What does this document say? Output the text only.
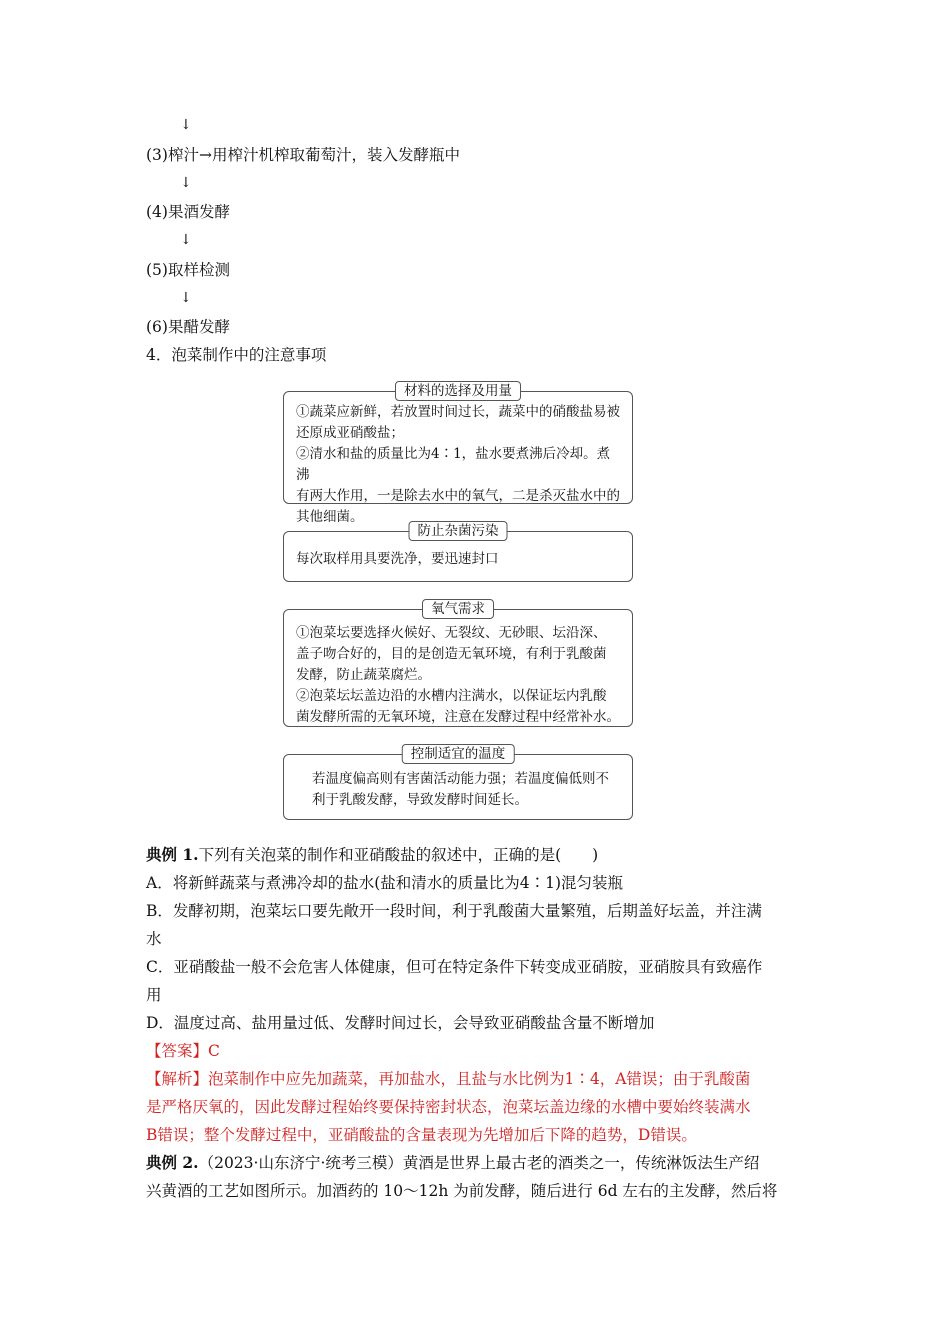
↓
(3)榨汁→用榨汁机榨取葡萄汁，装入发酵瓶中
↓
(4)果酒发酵
↓
(5)取样检测
↓
(6)果醋发酵
4．泡菜制作中的注意事项
材料的选择及用量

①蔬菜应新鲜，若放置时间过长，蔬菜中的硝酸盐易被

还原成亚硝酸盐；

②清水和盐的质量比为4∶1，盐水要煮沸后冷却。煮沸

有两大作用，一是除去水中的氧气，二是杀灭盐水中的

其他细菌。

防止杂菌污染

每次取样用具要洗净，要迅速封口

氧气需求

①泡菜坛要选择火候好、无裂纹、无砂眼、坛沿深、

盖子吻合好的，目的是创造无氧环境，有利于乳酸菌

发酵，防止蔬菜腐烂。

②泡菜坛坛盖边沿的水槽内注满水，以保证坛内乳酸

菌发酵所需的无氧环境，注意在发酵过程中经常补水。

控制适宜的温度

若温度偏高则有害菌活动能力强；若温度偏低则不

利于乳酸发酵，导致发酵时间延长。

典例 1.下列有关泡菜的制作和亚硝酸盐的叙述中，正确的是(　　)

A．将新鲜蔬菜与煮沸冷却的盐水(盐和清水的质量比为4∶1)混匀装瓶

B．发酵初期，泡菜坛口要先敞开一段时间，利于乳酸菌大量繁殖，后期盖好坛盖，并注满

水

C．亚硝酸盐一般不会危害人体健康，但可在特定条件下转变成亚硝胺，亚硝胺具有致癌作

用

D．温度过高、盐用量过低、发酵时间过长，会导致亚硝酸盐含量不断增加

【答案】C

【解析】泡菜制作中应先加蔬菜，再加盐水，且盐与水比例为1∶4，A错误；由于乳酸菌

是严格厌氧的，因此发酵过程始终要保持密封状态，泡菜坛盖边缘的水槽中要始终装满水

B错误；整个发酵过程中，亚硝酸盐的含量表现为先增加后下降的趋势，D错误。

典例 2.（2023·山东济宁·统考三模）黄酒是世界上最古老的酒类之一，传统淋饭法生产绍

兴黄酒的工艺如图所示。加酒药的 10～12h 为前发酵，随后进行 6d 左右的主发酵，然后将
